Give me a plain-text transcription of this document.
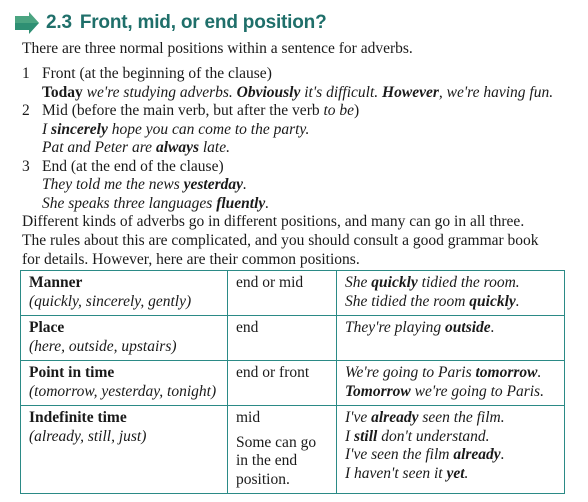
2.3 Front, mid, or end position?
There are three normal positions within a sentence for adverbs.
1 Front (at the beginning of the clause)
Today we're studying adverbs. Obviously it's difficult. However, we're having fun.
2 Mid (before the main verb, but after the verb to be)
I sincerely hope you can come to the party.
Pat and Peter are always late.
3 End (at the end of the clause)
They told me the news yesterday.
She speaks three languages fluently.
Different kinds of adverbs go in different positions, and many can go in all three.
The rules about this are complicated, and you should consult a good grammar book
for details. However, here are their common positions.
Manner
(quickly, sincerely, gently)	end or mid	She quickly tidied the room.
She tidied the room quickly.

Place
(here, outside, upstairs)	end	They're playing outside.

Point in time
(tomorrow, yesterday, tonight)	end or front	We're going to Paris tomorrow.
Tomorrow we're going to Paris.

Indefinite time
(already, still, just)	mid
Some can go
in the end
position.	I've already seen the film.
I still don't understand.
I've seen the film already.
I haven't seen it yet.
